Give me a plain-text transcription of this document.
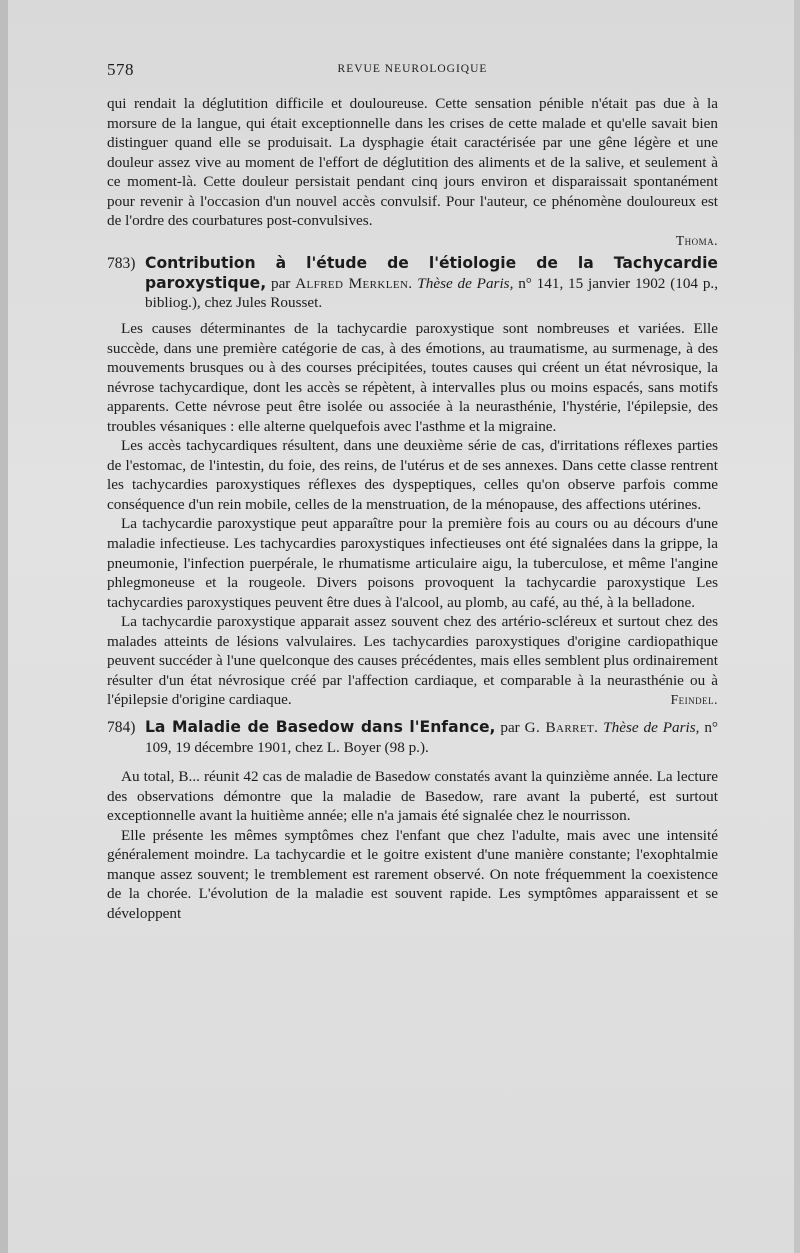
578	REVUE NEUROLOGIQUE

qui rendait la déglutition difficile et douloureuse. Cette sensation pénible n'était pas due à la morsure de la langue, qui était exceptionnelle dans les crises de cette malade et qu'elle savait bien distinguer quand elle se produisait. La dysphagie était caractérisée par une gêne légère et une douleur assez vive au moment de l'effort de déglutition des aliments et de la salive, et seulement à ce moment-là. Cette douleur persistait pendant cinq jours environ et disparaissait spontanément pour revenir à l'occasion d'un nouvel accès convulsif. Pour l'auteur, ce phénomène douloureux est de l'ordre des courbatures post-convulsives.

Thoma.
783) Contribution à l'étude de l'étiologie de la Tachycardie paroxystique, par Alfred Merklen. Thèse de Paris, n° 141, 15 janvier 1902 (104 p., bibliog.), chez Jules Rousset.

Les causes déterminantes de la tachycardie paroxystique sont nombreuses et variées. Elle succède, dans une première catégorie de cas, à des émotions, au traumatisme, au surmenage, à des mouvements brusques ou à des courses précipitées, toutes causes qui créent un état névrosique, la névrose tachycardique, dont les accès se répètent, à intervalles plus ou moins espacés, sans motifs apparents. Cette névrose peut être isolée ou associée à la neurasthénie, l'hystérie, l'épilepsie, des troubles vésaniques : elle alterne quelquefois avec l'asthme et la migraine.

Les accès tachycardiques résultent, dans une deuxième série de cas, d'irritations réflexes parties de l'estomac, de l'intestin, du foie, des reins, de l'utérus et de ses annexes. Dans cette classe rentrent les tachycardies paroxystiques réflexes des dyspeptiques, celles qu'on observe parfois comme conséquence d'un rein mobile, celles de la menstruation, de la ménopause, des affections utérines.

La tachycardie paroxystique peut apparaître pour la première fois au cours ou au décours d'une maladie infectieuse. Les tachycardies paroxystiques infectieuses ont été signalées dans la grippe, la pneumonie, l'infection puerpérale, le rhumatisme articulaire aigu, la tuberculose, et même l'angine phlegmoneuse et la rougeole. Divers poisons provoquent la tachycardie paroxystique Les tachycardies paroxystiques peuvent être dues à l'alcool, au plomb, au café, au thé, à la belladone.

La tachycardie paroxystique apparait assez souvent chez des artério-scléreux et surtout chez des malades atteints de lésions valvulaires. Les tachycardies paroxystiques d'origine cardiopathique peuvent succéder à l'une quelconque des causes précédentes, mais elles semblent plus ordinairement résulter d'un état névrosique créé par l'affection cardiaque, et comparable à la neurasthénie ou à l'épilepsie d'origine cardiaque.	Feindel.

784) La Maladie de Basedow dans l'Enfance, par G. Barret. Thèse de Paris, n° 109, 19 décembre 1901, chez L. Boyer (98 p.).

Au total, B... réunit 42 cas de maladie de Basedow constatés avant la quinzième année. La lecture des observations démontre que la maladie de Basedow, rare avant la puberté, est surtout exceptionnelle avant la huitième année; elle n'a jamais été signalée chez le nourrisson.

Elle présente les mêmes symptômes chez l'enfant que chez l'adulte, mais avec une intensité généralement moindre. La tachycardie et le goitre existent d'une manière constante; l'exophtalmie manque assez souvent; le tremblement est rarement observé. On note fréquemment la coexistence de la chorée. L'évolution de la maladie est souvent rapide. Les symptômes apparaissent et se développent
